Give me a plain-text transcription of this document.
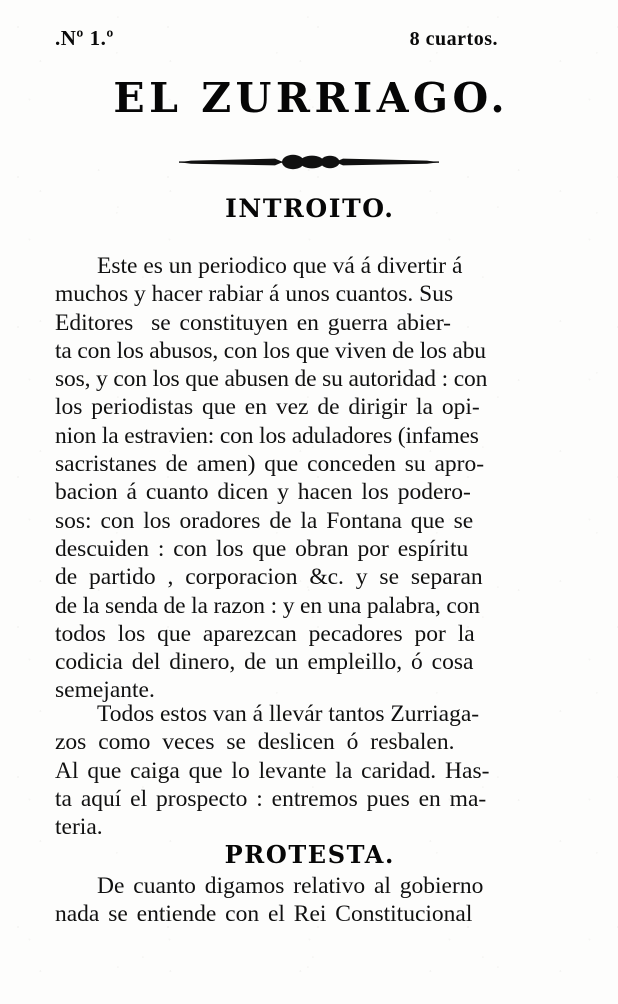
.Nº 1.º	8 cuartos.
EL ZURRIAGO.
INTROITO.
Este es un periodico que vá á divertir á
muchos y hacer rabiar á unos cuantos. Sus
Editores  se constituyen en guerra abier-
ta con los abusos, con los que viven de los abu
sos, y con los que abusen de su autoridad : con
los periodistas que en vez de dirigir la opi-
nion la estravien: con los aduladores (infames
sacristanes de amen) que conceden su apro-
bacion á cuanto dicen y hacen los podero-
sos: con los oradores de la Fontana que se
descuiden : con los que obran por espíritu
de partido , corporacion &c. y se separan
de la senda de la razon : y en una palabra, con
todos los que aparezcan pecadores por la
codicia del dinero, de un empleillo, ó cosa
semejante.
Todos estos van á llevár tantos Zurriaga-
zos como veces se deslicen ó resbalen.
Al que caiga que lo levante la caridad. Has-
ta aquí el prospecto : entremos pues en ma-
teria.
PROTESTA.
De cuanto digamos relativo al gobierno
nada se entiende con el Rei Constitucional
